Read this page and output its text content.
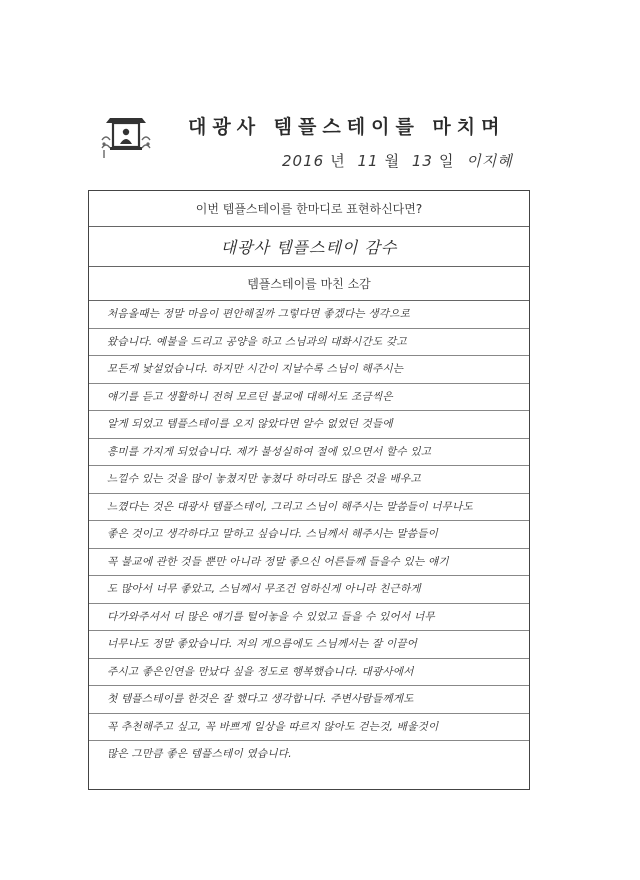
대광사 템플스테이를 마치며
2016 년 11 월 13 일 이지혜
이번 템플스테이를 한마디로 표현하신다면?
대광사 템플스테이 감수
템플스테이를 마친 소감
처음올때는 정말 마음이 편안해질까 그렇다면 좋겠다는 생각으로
왔습니다. 예불을 드리고 공양을 하고 스님과의 대화시간도 갖고
모든게 낯설었습니다. 하지만 시간이 지날수록 스님이 해주시는
얘기를 듣고 생활하니 전혀 모르던 불교에 대해서도 조금씩은
알게 되었고 템플스테이를 오지 않았다면 알수 없었던 것들에
흥미를 가지게 되었습니다. 제가 불성실하여 절에 있으면서 할수 있고
느낄수 있는 것을 많이 놓쳤지만 놓쳤다 하더라도 많은 것을 배우고
느꼈다는 것은 대광사 템플스테이, 그리고 스님이 해주시는 말씀들이 너무나도
좋은 것이고 생각하다고 말하고 싶습니다. 스님께서 해주시는 말씀들이
꼭 불교에 관한 것들 뿐만 아니라 정말 좋으신 어른들께 들을수 있는 얘기
도 많아서 너무 좋았고, 스님께서 무조건 엄하신게 아니라 친근하게
다가와주셔서 더 많은 얘기를 털어놓을 수 있었고 들을 수 있어서 너무
너무나도 정말 좋았습니다. 저의 게으름에도 스님께서는 잘 이끌어
주시고 좋은인연을 만났다 싶을 정도로 행복했습니다. 대광사에서
첫 템플스테이를 한것은 잘 했다고 생각합니다. 주변사람들께게도
꼭 추천해주고 싶고, 꼭 바쁘게 일상을 따르지 않아도 걷는것, 배울것이
많은 그만큼 좋은 템플스테이 였습니다.
